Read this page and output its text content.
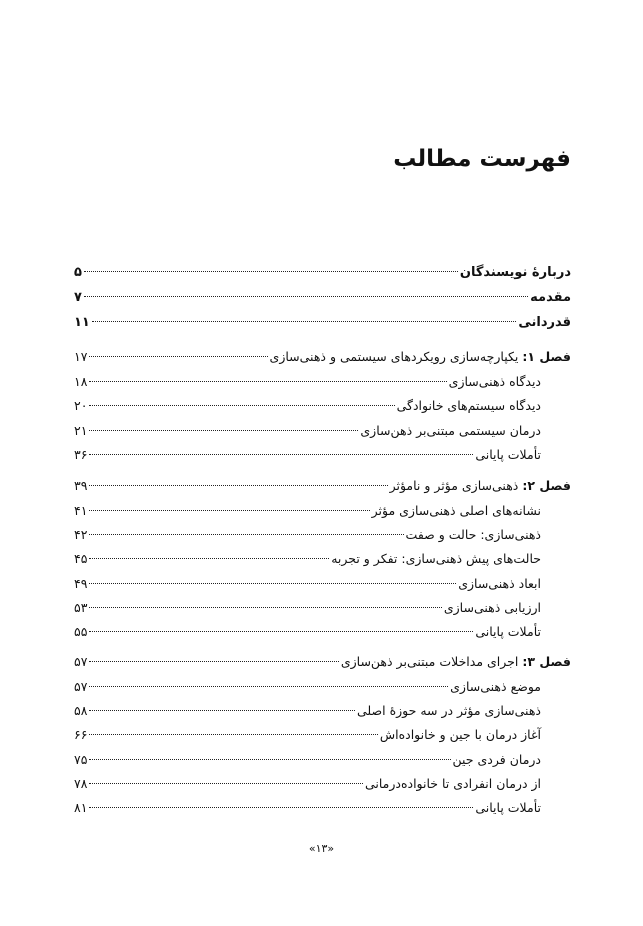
فهرست مطالب
دربارهٔ نویسندگان
۵
مقدمه
۷
قدردانی
۱۱
فصل ۱: یکپارچه‌سازی رویکردهای سیستمی و ذهنی‌سازی
۱۷
دیدگاه ذهنی‌سازی
۱۸
دیدگاه سیستم‌های خانوادگی
۲۰
درمان سیستمی مبتنی‌بر ذهن‌سازی
۲۱
تأملات پایانی
۳۶
فصل ۲: ذهنی‌سازی مؤثر و نامؤثر
۳۹
نشانه‌های اصلی ذهنی‌سازی مؤثر
۴۱
ذهنی‌سازی: حالت و صفت
۴۲
حالت‌های پیش ذهنی‌سازی: تفکر و تجربه
۴۵
ابعاد ذهنی‌سازی
۴۹
ارزیابی ذهنی‌سازی
۵۳
تأملات پایانی
۵۵
فصل ۳: اجرای مداخلات مبتنی‌بر ذهن‌سازی
۵۷
موضع ذهنی‌سازی
۵۷
ذهنی‌سازی مؤثر در سه حوزهٔ اصلی
۵۸
آغاز درمان با جین و خانواده‌اش
۶۶
درمان فردی جین
۷۵
از درمان انفرادی تا خانواده‌درمانی
۷۸
تأملات پایانی
۸۱
«۱۳»
